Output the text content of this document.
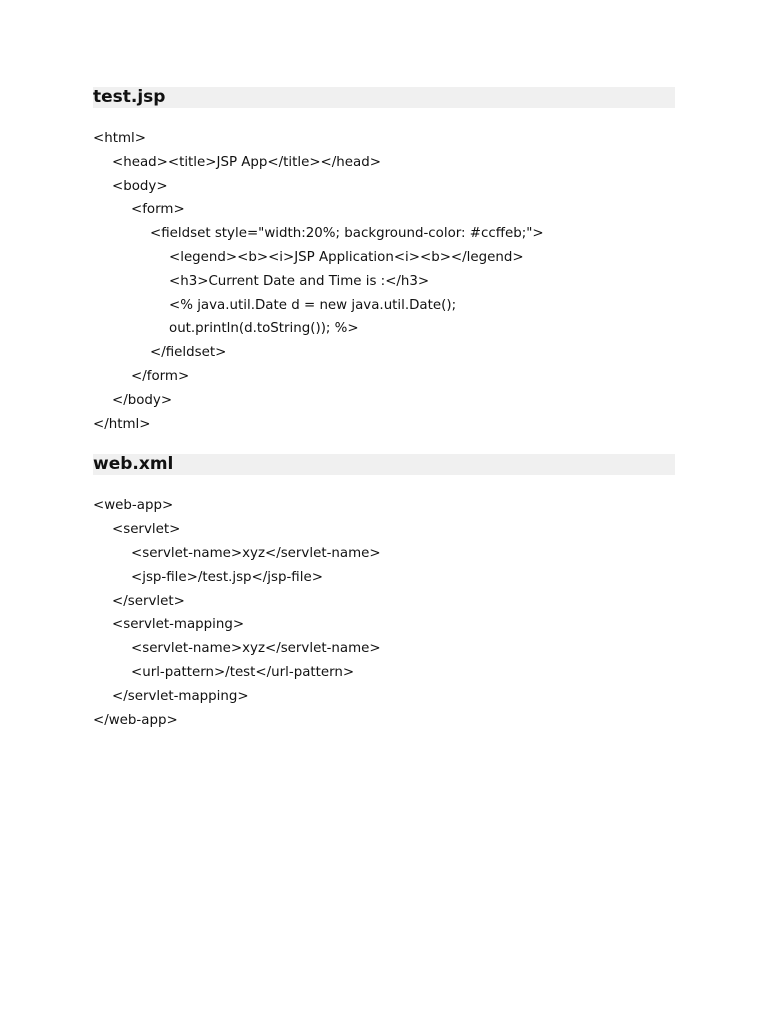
test.jsp
<html>
<head><title>JSP App</title></head>
<body>
<form>
<fieldset style="width:20%; background-color: #ccffeb;">
<legend><b><i>JSP Application<i><b></legend>
<h3>Current Date and Time is :</h3>
<% java.util.Date d = new java.util.Date();
out.println(d.toString()); %>
</fieldset>
</form>
</body>
</html>
web.xml
<web-app>
<servlet>
<servlet-name>xyz</servlet-name>
<jsp-file>/test.jsp</jsp-file>
</servlet>
<servlet-mapping>
<servlet-name>xyz</servlet-name>
<url-pattern>/test</url-pattern>
</servlet-mapping>
</web-app>
